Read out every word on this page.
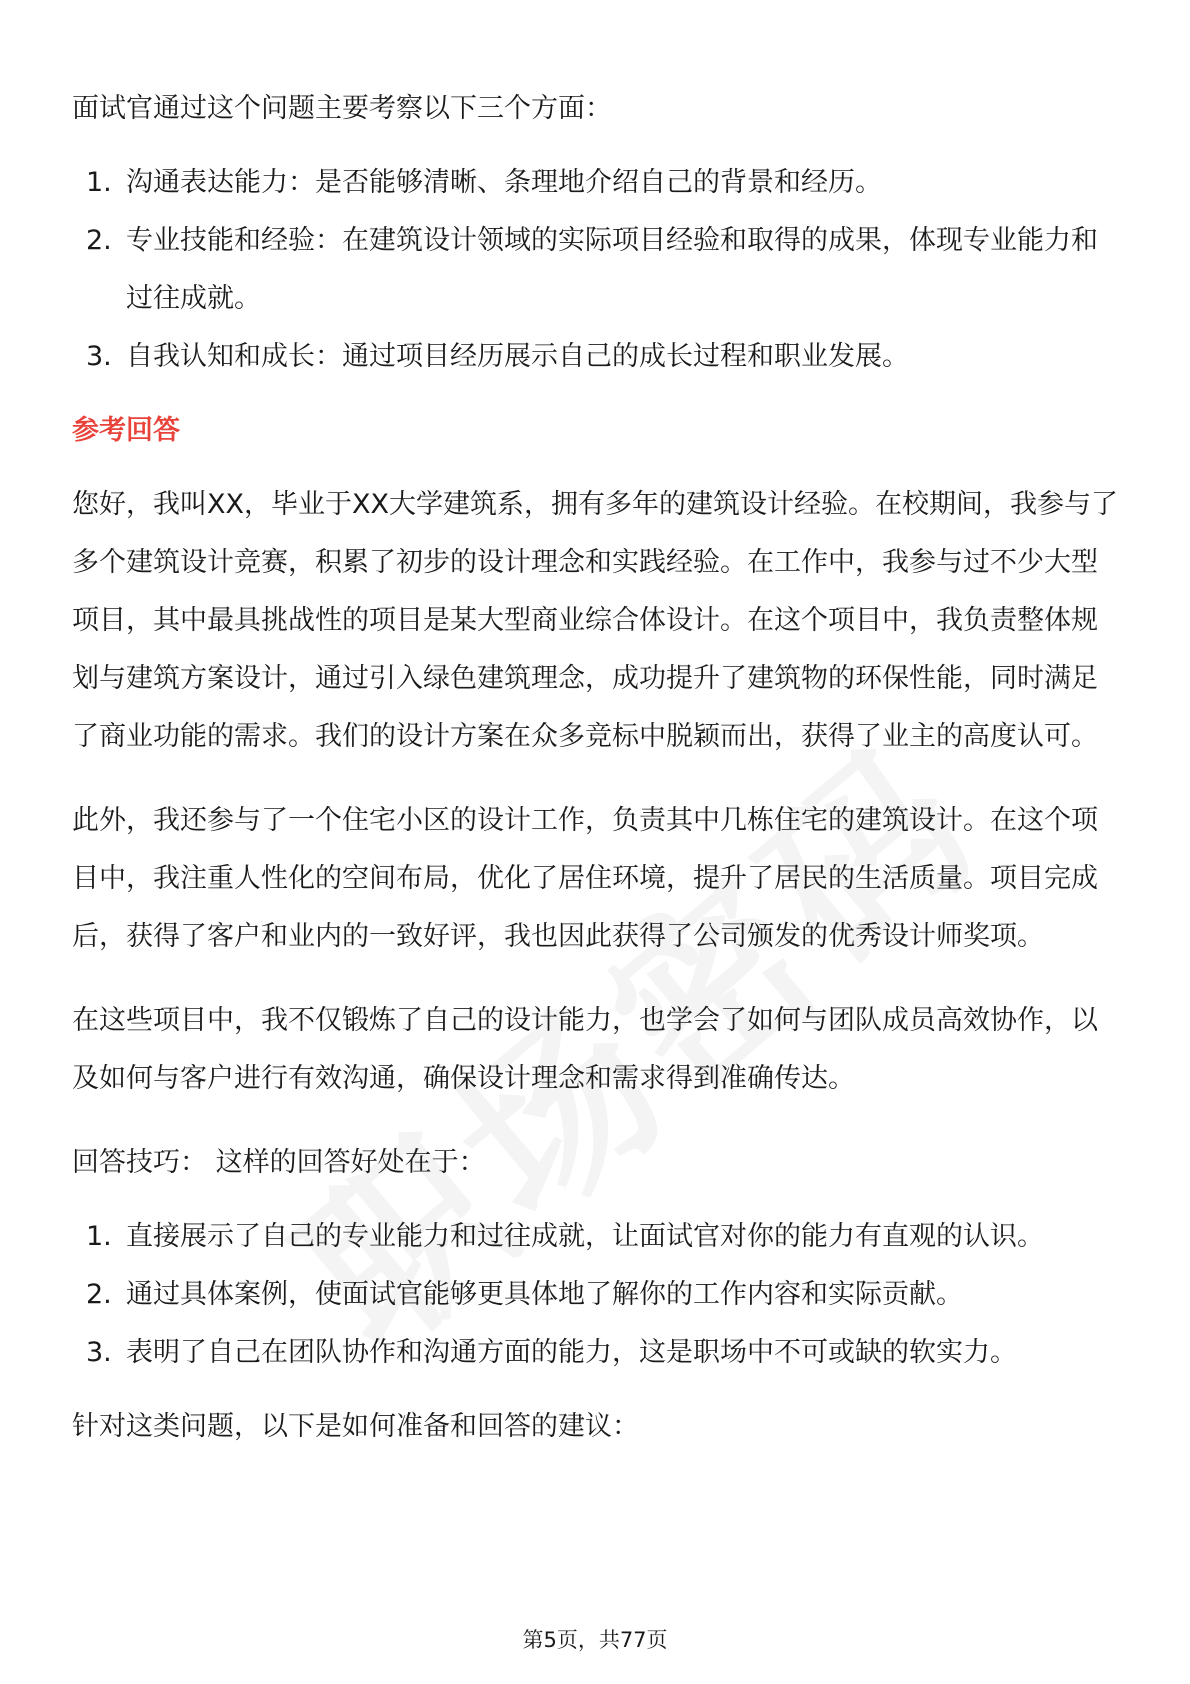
面试官通过这个问题主要考察以下三个方面：

1. 沟通表达能力：是否能够清晰、条理地介绍自己的背景和经历。
2. 专业技能和经验：在建筑设计领域的实际项目经验和取得的成果，体现专业能力和过往成就。
3. 自我认知和成长：通过项目经历展示自己的成长过程和职业发展。
参考回答

您好，我叫XX，毕业于XX大学建筑系，拥有多年的建筑设计经验。在校期间，我参与了多个建筑设计竞赛，积累了初步的设计理念和实践经验。在工作中，我参与过不少大型项目，其中最具挑战性的项目是某大型商业综合体设计。在这个项目中，我负责整体规划与建筑方案设计，通过引入绿色建筑理念，成功提升了建筑物的环保性能，同时满足了商业功能的需求。我们的设计方案在众多竞标中脱颖而出，获得了业主的高度认可。

此外，我还参与了一个住宅小区的设计工作，负责其中几栋住宅的建筑设计。在这个项目中，我注重人性化的空间布局，优化了居住环境，提升了居民的生活质量。项目完成后，获得了客户和业内的一致好评，我也因此获得了公司颁发的优秀设计师奖项。

在这些项目中，我不仅锻炼了自己的设计能力，也学会了如何与团队成员高效协作，以及如何与客户进行有效沟通，确保设计理念和需求得到准确传达。

回答技巧： 这样的回答好处在于：

1. 直接展示了自己的专业能力和过往成就，让面试官对你的能力有直观的认识。
2. 通过具体案例，使面试官能够更具体地了解你的工作内容和实际贡献。
3. 表明了自己在团队协作和沟通方面的能力，这是职场中不可或缺的软实力。

针对这类问题，以下是如何准备和回答的建议：

第5页，共77页
